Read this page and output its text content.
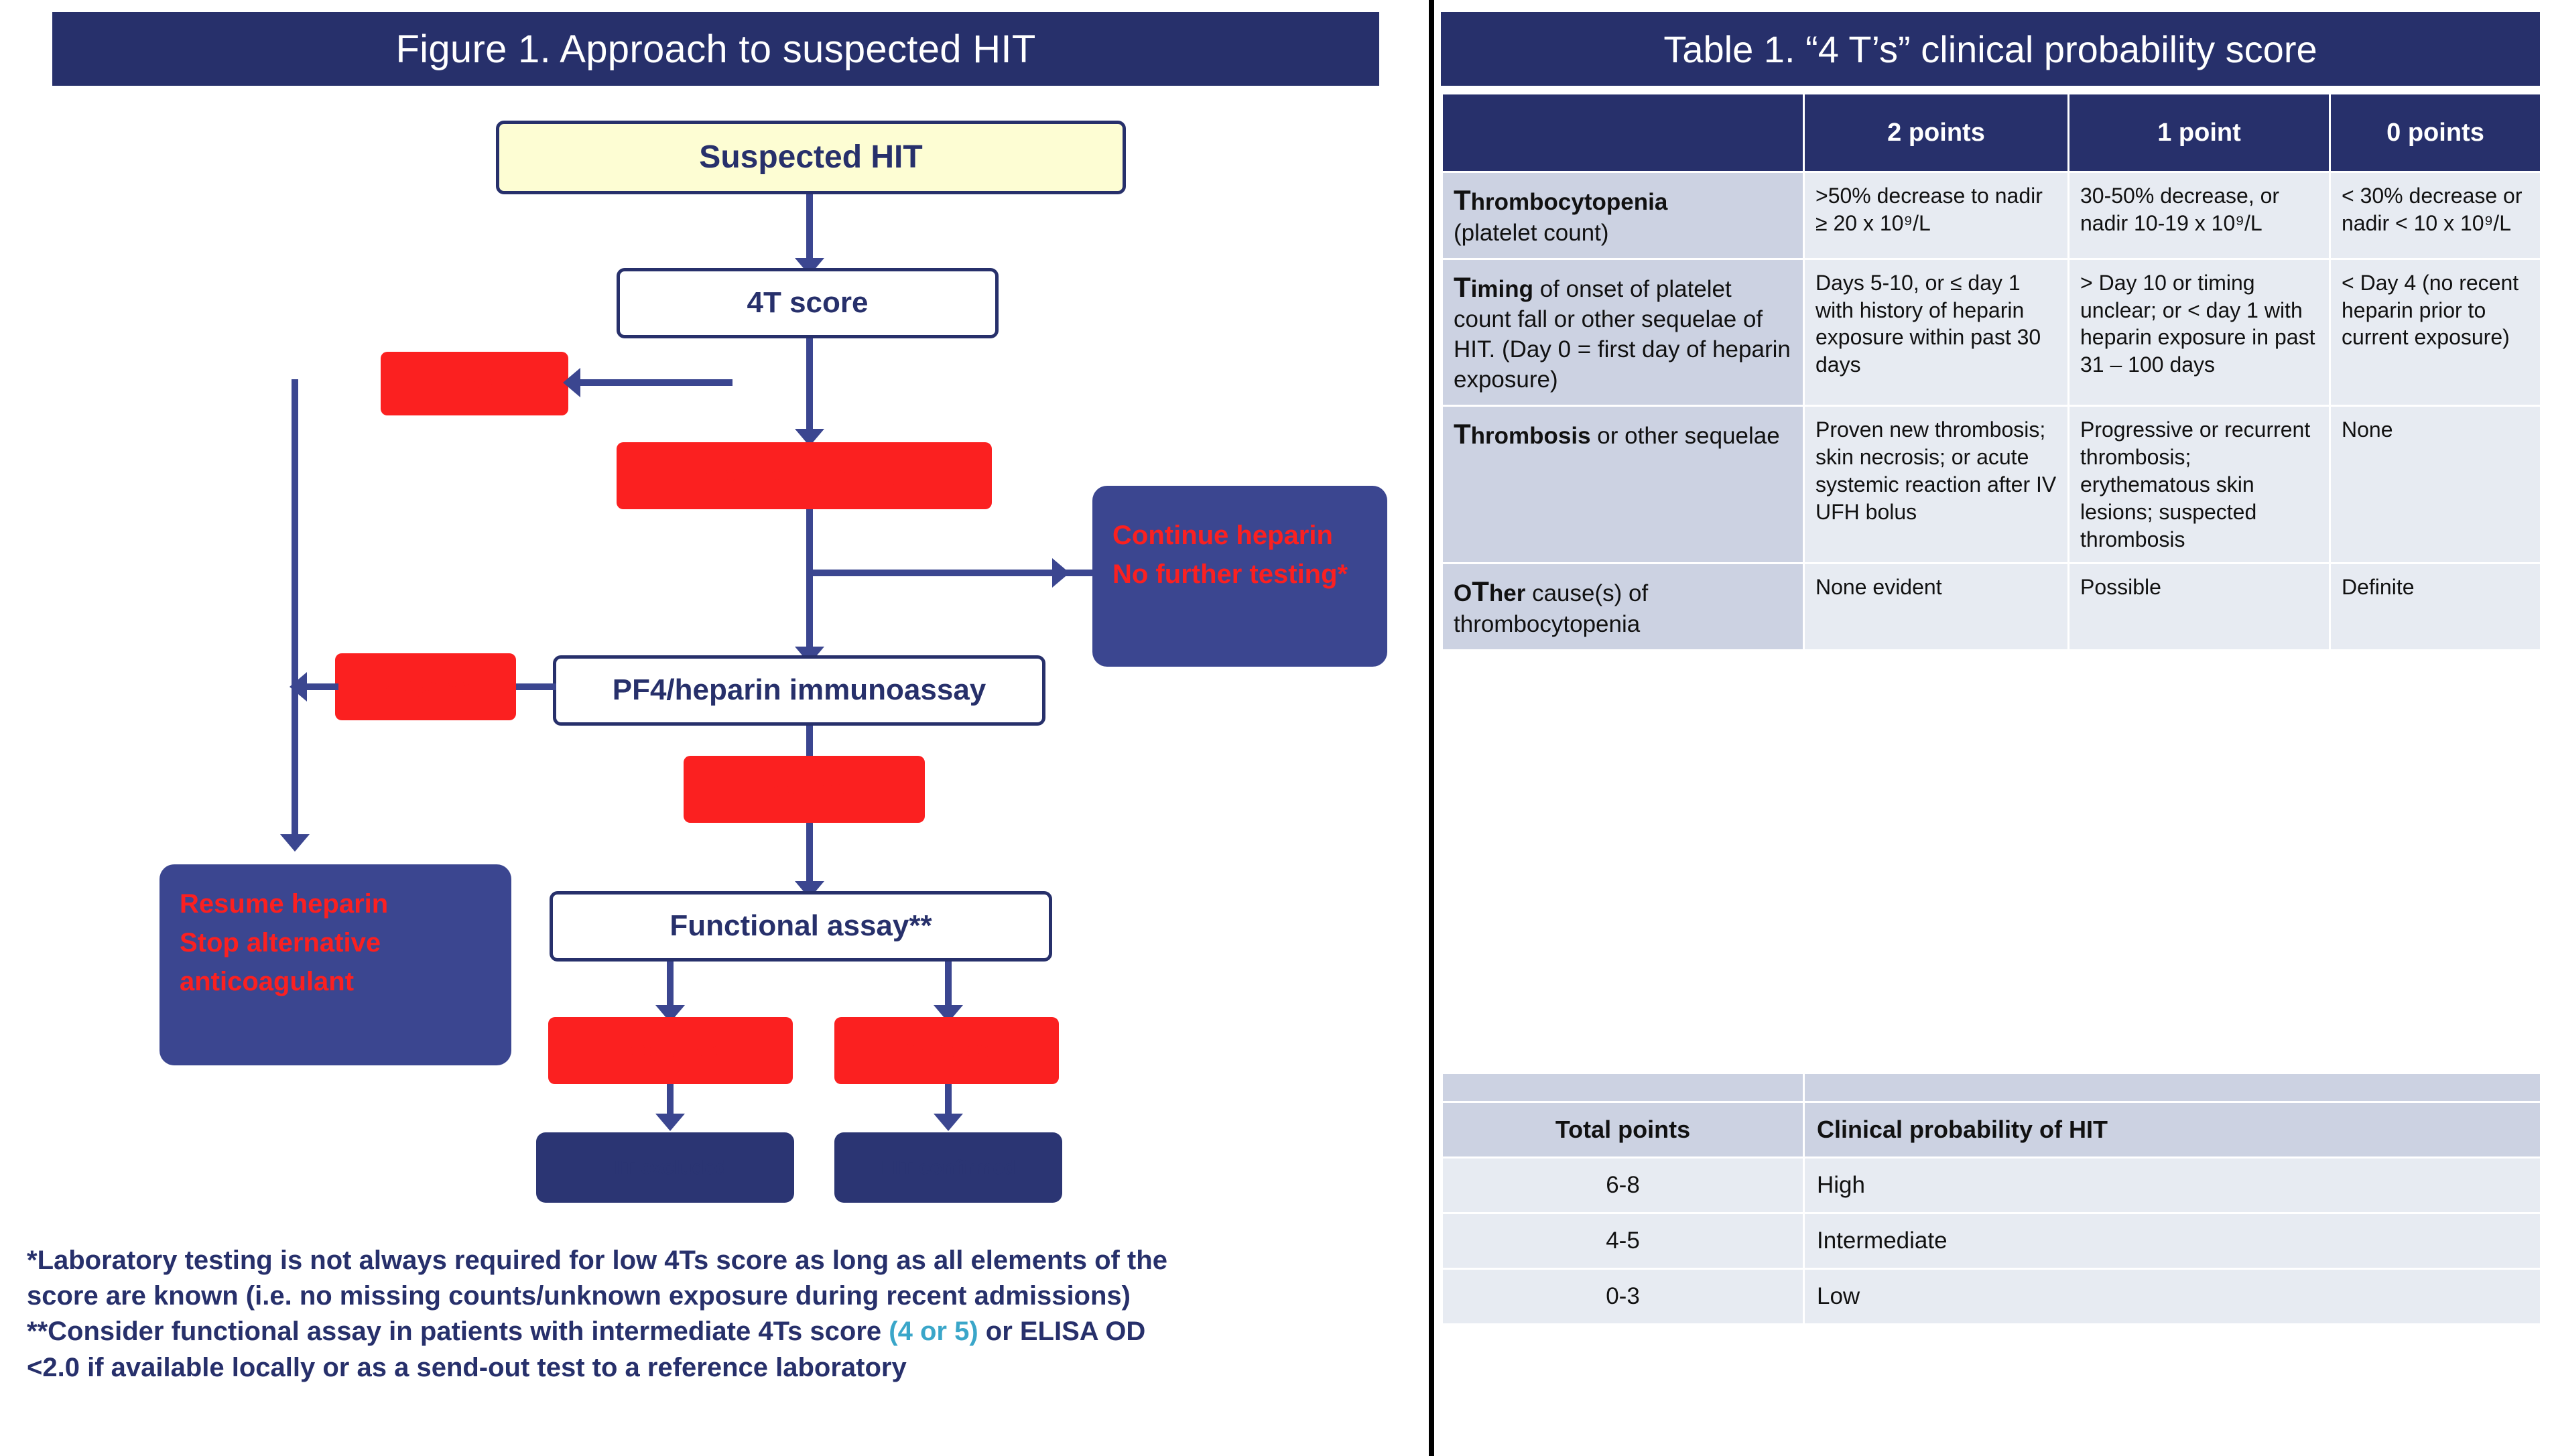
Figure 1. Approach to suspected HIT
Suspected HIT
4T score
Low
Intermediate or high
Continue heparin
No further testing*
PF4/heparin immunoassay
Negative
Resume heparin
Stop alternative
anticoagulant
Positive
Functional assay**
Negative	Positive
HIT excluded	HIT confirmed
*Laboratory testing is not always required for low 4Ts score as long as all elements of the
score are known (i.e. no missing counts/unknown exposure during recent admissions)
**Consider functional assay in patients with intermediate 4Ts score (4 or 5) or ELISA OD
<2.0 if available locally or as a send-out test to a reference laboratory
Table 1. “4 T’s” clinical probability score
	2 points	1 point	0 points
Thrombocytopenia
(platelet count)	>50% decrease to nadir ≥ 20 x 10⁹/L	30-50% decrease, or nadir 10-19 x 10⁹/L	< 30% decrease or nadir < 10 x 10⁹/L
Timing of onset of platelet count fall or other sequelae of HIT. (Day 0 = first day of heparin exposure)	Days 5-10, or ≤ day 1 with history of heparin exposure within past 30 days	> Day 10 or timing unclear; or < day 1 with heparin exposure in past 31 – 100 days	< Day 4 (no recent heparin prior to current exposure)
Thrombosis or other sequelae	Proven new thrombosis; skin necrosis; or acute systemic reaction after IV UFH bolus	Progressive or recurrent thrombosis; erythematous skin lesions; suspected thrombosis	None
OTher cause(s) of thrombocytopenia	None evident	Possible	Definite

Total points	Clinical probability of HIT
6-8	High
4-5	Intermediate
0-3	Low
